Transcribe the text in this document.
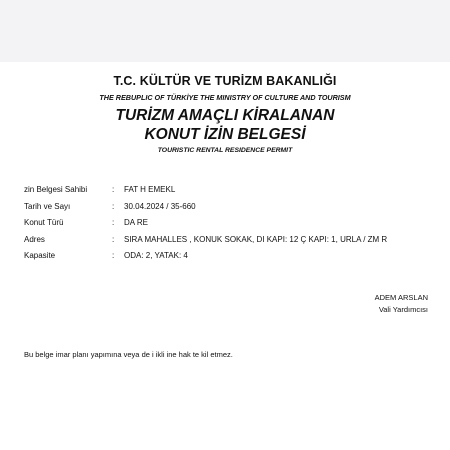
T.C. KÜLTÜR VE TURİZM BAKANLIĞI
THE REBUPLIC OF TÜRKİYE THE MINISTRY OF CULTURE AND TOURISM
TURİZM AMAÇLI KİRALANAN
KONUT İZİN BELGESİ
TOURISTIC RENTAL RESIDENCE PERMIT
zin Belgesi Sahibi	: FAT H EMEKL
Tarih ve Sayı	: 30.04.2024 / 35-660
Konut Türü	: DA RE
Adres	: SIRA MAHALLES , KONUK SOKAK, DI KAPI: 12 Ç KAPI: 1, URLA / ZM R
Kapasite	: ODA: 2, YATAK: 4
ADEM ARSLAN
Vali Yardımcısı
Bu belge imar planı yapımına veya de i ikli ine hak te kil etmez.
